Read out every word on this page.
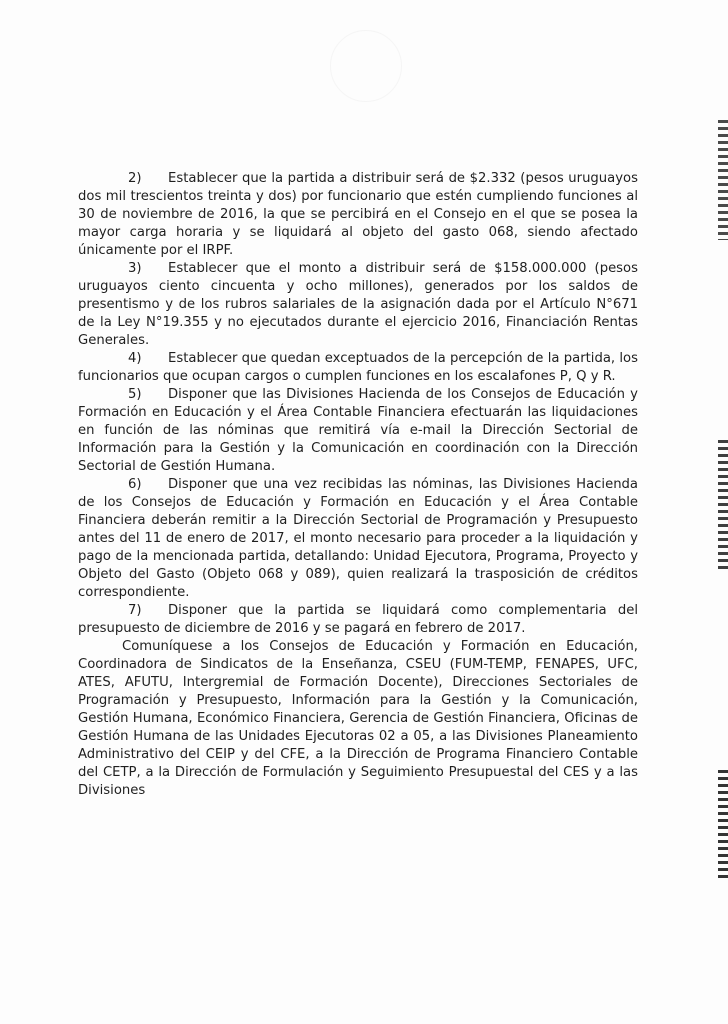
2) Establecer que la partida a distribuir será de $2.332 (pesos uruguayos dos mil trescientos treinta y dos) por funcionario que estén cumpliendo funciones al 30 de noviembre de 2016, la que se percibirá en el Consejo en el que se posea la mayor carga horaria y se liquidará al objeto del gasto 068, siendo afectado únicamente por el IRPF.

3) Establecer que el monto a distribuir será de $158.000.000 (pesos uruguayos ciento cincuenta y ocho millones), generados por los saldos de presentismo y de los rubros salariales de la asignación dada por el Artículo N°671 de la Ley N°19.355 y no ejecutados durante el ejercicio 2016, Financiación Rentas Generales.

4) Establecer que quedan exceptuados de la percepción de la partida, los funcionarios que ocupan cargos o cumplen funciones en los escalafones P, Q y R.

5) Disponer que las Divisiones Hacienda de los Consejos de Educación y Formación en Educación y el Área Contable Financiera efectuarán las liquidaciones en función de las nóminas que remitirá vía e-mail la Dirección Sectorial de Información para la Gestión y la Comunicación en coordinación con la Dirección Sectorial de Gestión Humana.

6) Disponer que una vez recibidas las nóminas, las Divisiones Hacienda de los Consejos de Educación y Formación en Educación y el Área Contable Financiera deberán remitir a la Dirección Sectorial de Programación y Presupuesto antes del 11 de enero de 2017, el monto necesario para proceder a la liquidación y pago de la mencionada partida, detallando: Unidad Ejecutora, Programa, Proyecto y Objeto del Gasto (Objeto 068 y 089), quien realizará la trasposición de créditos correspondiente.

7) Disponer que la partida se liquidará como complementaria del presupuesto de diciembre de 2016 y se pagará en febrero de 2017.

Comuníquese a los Consejos de Educación y Formación en Educación, Coordinadora de Sindicatos de la Enseñanza, CSEU (FUM-TEMP, FENAPES, UFC, ATES, AFUTU, Intergremial de Formación Docente), Direcciones Sectoriales de Programación y Presupuesto, Información para la Gestión y la Comunicación, Gestión Humana, Económico Financiera, Gerencia de Gestión Financiera, Oficinas de Gestión Humana de las Unidades Ejecutoras 02 a 05, a las Divisiones Planeamiento Administrativo del CEIP y del CFE, a la Dirección de Programa Financiero Contable del CETP, a la Dirección de Formulación y Seguimiento Presupuestal del CES y a las Divisiones
